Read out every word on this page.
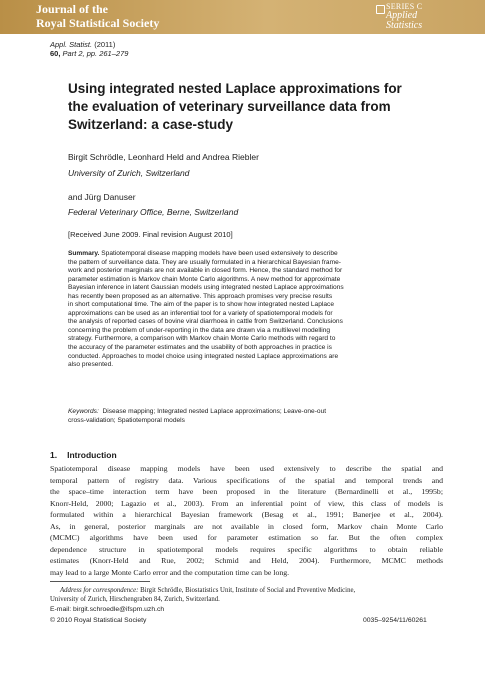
Journal of the
Royal Statistical Society
SERIES C
Applied
Statistics
Appl. Statist. (2011)
60, Part 2, pp. 261–279
Using integrated nested Laplace approximations for
the evaluation of veterinary surveillance data from
Switzerland: a case-study
Birgit Schrödle, Leonhard Held and Andrea Riebler
University of Zurich, Switzerland
and Jürg Danuser
Federal Veterinary Office, Berne, Switzerland
[Received June 2009. Final revision August 2010]
Summary. Spatiotemporal disease mapping models have been used extensively to describe
the pattern of surveillance data. They are usually formulated in a hierarchical Bayesian frame-
work and posterior marginals are not available in closed form. Hence, the standard method for
parameter estimation is Markov chain Monte Carlo algorithms. A new method for approximate
Bayesian inference in latent Gaussian models using integrated nested Laplace approximations
has recently been proposed as an alternative. This approach promises very precise results
in short computational time. The aim of the paper is to show how integrated nested Laplace
approximations can be used as an inferential tool for a variety of spatiotemporal models for
the analysis of reported cases of bovine viral diarrhoea in cattle from Switzerland. Conclusions
concerning the problem of under-reporting in the data are drawn via a multilevel modelling
strategy. Furthermore, a comparison with Markov chain Monte Carlo methods with regard to
the accuracy of the parameter estimates and the usability of both approaches in practice is
conducted. Approaches to model choice using integrated nested Laplace approximations are
also presented.
Keywords: Disease mapping; Integrated nested Laplace approximations; Leave-one-out
cross-validation; Spatiotemporal models
1. Introduction
Spatiotemporal disease mapping models have been used extensively to describe the spatial and
temporal pattern of registry data. Various specifications of the spatial and temporal trends and
the space–time interaction term have been proposed in the literature (Bernardinelli et al., 1995b;
Knorr-Held, 2000; Lagazio et al., 2003). From an inferential point of view, this class of models is
formulated within a hierarchical Bayesian framework (Besag et al., 1991; Banerjee et al., 2004).
As, in general, posterior marginals are not available in closed form, Markov chain Monte Carlo
(MCMC) algorithms have been used for parameter estimation so far. But the often complex
dependence structure in spatiotemporal models requires specific algorithms to obtain reliable
estimates (Knorr-Held and Rue, 2002; Schmid and Held, 2004). Furthermore, MCMC methods
may lead to a large Monte Carlo error and the computation time can be long.
Address for correspondence: Birgit Schrödle, Biostatistics Unit, Institute of Social and Preventive Medicine,
University of Zurich, Hirschengraben 84, Zurich, Switzerland.
E-mail: birgit.schroedle@ifspm.uzh.ch
© 2010 Royal Statistical Society	0035–9254/11/60261
